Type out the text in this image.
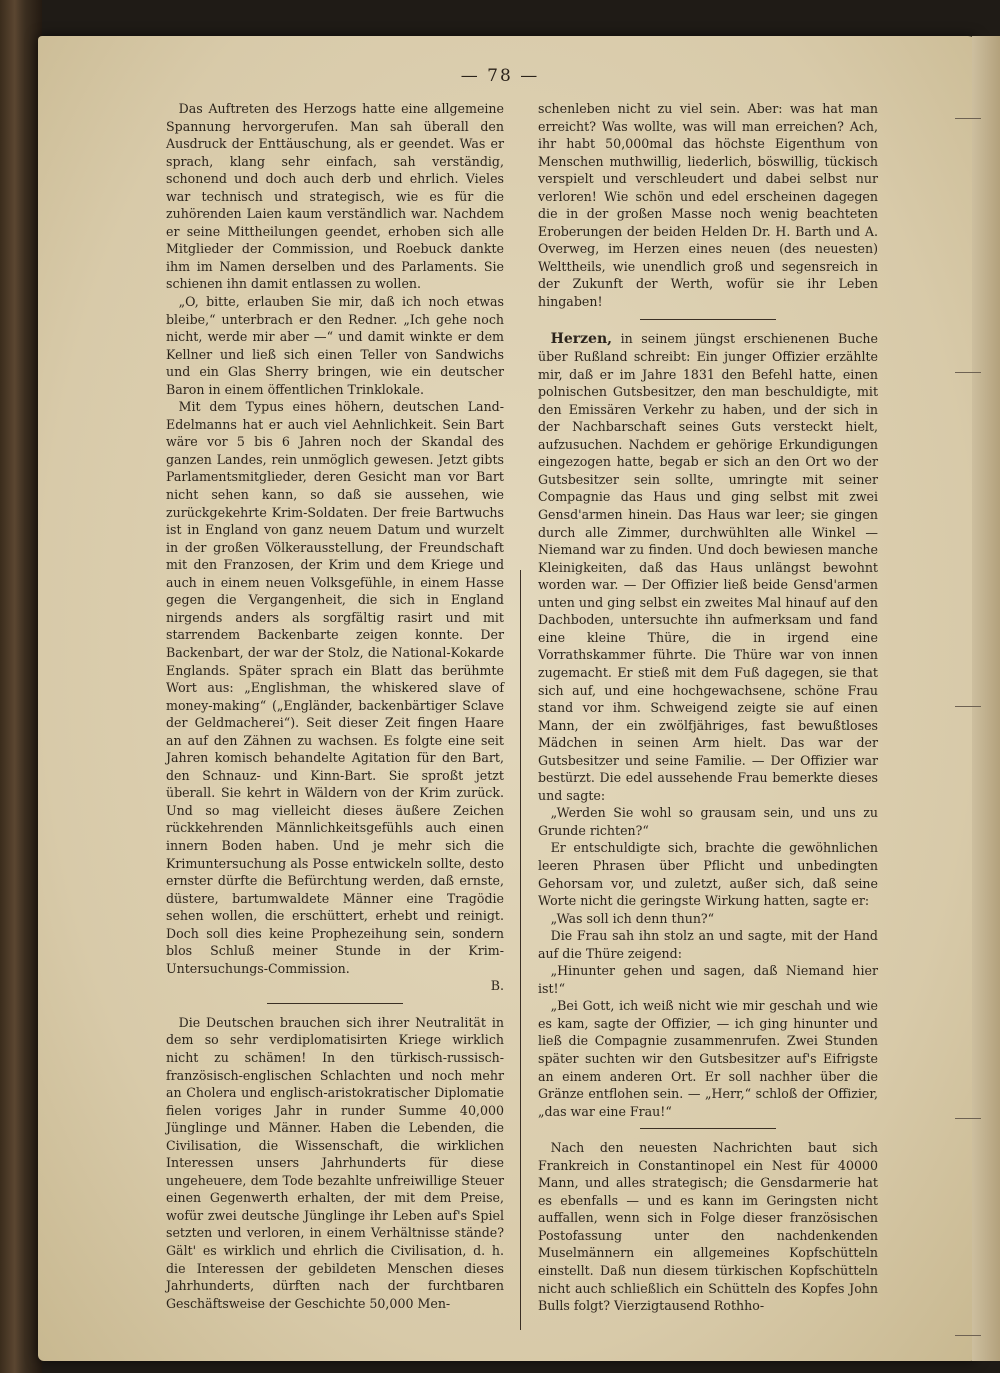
— 78 —

Das Auftreten des Herzogs hatte eine allgemeine Spannung hervorgerufen. Man sah überall den Ausdruck der Enttäuschung, als er geendet. Was er sprach, klang sehr einfach, sah verständig, schonend und doch auch derb und ehrlich. Vieles war technisch und strategisch, wie es für die zuhörenden Laien kaum verständlich war. Nachdem er seine Mittheilungen geendet, erhoben sich alle Mitglieder der Commission, und Roebuck dankte ihm im Namen derselben und des Parlaments. Sie schienen ihn damit entlassen zu wollen.

„O, bitte, erlauben Sie mir, daß ich noch etwas bleibe,“ unterbrach er den Redner. „Ich gehe noch nicht, werde mir aber —“ und damit winkte er dem Kellner und ließ sich einen Teller von Sandwichs und ein Glas Sherry bringen, wie ein deutscher Baron in einem öffentlichen Trinklokale.

Mit dem Typus eines höhern, deutschen Land-Edelmanns hat er auch viel Aehnlichkeit. Sein Bart wäre vor 5 bis 6 Jahren noch der Skandal des ganzen Landes, rein unmöglich gewesen. Jetzt gibts Parlamentsmitglieder, deren Gesicht man vor Bart nicht sehen kann, so daß sie aussehen, wie zurückgekehrte Krim-Soldaten. Der freie Bartwuchs ist in England von ganz neuem Datum und wurzelt in der großen Völkerausstellung, der Freundschaft mit den Franzosen, der Krim und dem Kriege und auch in einem neuen Volksgefühle, in einem Hasse gegen die Vergangenheit, die sich in England nirgends anders als sorgfältig rasirt und mit starrendem Backenbarte zeigen konnte. Der Backenbart, der war der Stolz, die National-Kokarde Englands. Später sprach ein Blatt das berühmte Wort aus: „Englishman, the whiskered slave of money-making“ („Engländer, backenbärtiger Sclave der Geldmacherei“). Seit dieser Zeit fingen Haare an auf den Zähnen zu wachsen. Es folgte eine seit Jahren komisch behandelte Agitation für den Bart, den Schnauz- und Kinn-Bart. Sie sproßt jetzt überall. Sie kehrt in Wäldern von der Krim zurück. Und so mag vielleicht dieses äußere Zeichen rückkehrenden Männlichkeitsgefühls auch einen innern Boden haben. Und je mehr sich die Krimuntersuchung als Posse entwickeln sollte, desto ernster dürfte die Befürchtung werden, daß ernste, düstere, bartumwaldete Männer eine Tragödie sehen wollen, die erschüttert, erhebt und reinigt. Doch soll dies keine Prophezeihung sein, sondern blos Schluß meiner Stunde in der Krim-Untersuchungs-Commission.

B.

Die Deutschen brauchen sich ihrer Neutralität in dem so sehr verdiplomatisirten Kriege wirklich nicht zu schämen! In den türkisch-russisch-französisch-englischen Schlachten und noch mehr an Cholera und englisch-aristokratischer Diplomatie fielen voriges Jahr in runder Summe 40,000 Jünglinge und Männer. Haben die Lebenden, die Civilisation, die Wissenschaft, die wirklichen Interessen unsers Jahrhunderts für diese ungeheuere, dem Tode bezahlte unfreiwillige Steuer einen Gegenwerth erhalten, der mit dem Preise, wofür zwei deutsche Jünglinge ihr Leben auf's Spiel setzten und verloren, in einem Verhältnisse stände? Gält' es wirklich und ehrlich die Civilisation, d. h. die Interessen der gebildeten Menschen dieses Jahrhunderts, dürften nach der furchtbaren Geschäftsweise der Geschichte 50,000 Men-

schenleben nicht zu viel sein. Aber: was hat man erreicht? Was wollte, was will man erreichen? Ach, ihr habt 50,000mal das höchste Eigenthum von Menschen muthwillig, liederlich, böswillig, tückisch verspielt und verschleudert und dabei selbst nur verloren! Wie schön und edel erscheinen dagegen die in der großen Masse noch wenig beachteten Eroberungen der beiden Helden Dr. H. Barth und A. Overweg, im Herzen eines neuen (des neuesten) Welttheils, wie unendlich groß und segensreich in der Zukunft der Werth, wofür sie ihr Leben hingaben!

Herzen, in seinem jüngst erschienenen Buche über Rußland schreibt: Ein junger Offizier erzählte mir, daß er im Jahre 1831 den Befehl hatte, einen polnischen Gutsbesitzer, den man beschuldigte, mit den Emissären Verkehr zu haben, und der sich in der Nachbarschaft seines Guts versteckt hielt, aufzusuchen. Nachdem er gehörige Erkundigungen eingezogen hatte, begab er sich an den Ort wo der Gutsbesitzer sein sollte, umringte mit seiner Compagnie das Haus und ging selbst mit zwei Gensd'armen hinein. Das Haus war leer; sie gingen durch alle Zimmer, durchwühlten alle Winkel — Niemand war zu finden. Und doch bewiesen manche Kleinigkeiten, daß das Haus unlängst bewohnt worden war. — Der Offizier ließ beide Gensd'armen unten und ging selbst ein zweites Mal hinauf auf den Dachboden, untersuchte ihn aufmerksam und fand eine kleine Thüre, die in irgend eine Vorrathskammer führte. Die Thüre war von innen zugemacht. Er stieß mit dem Fuß dagegen, sie that sich auf, und eine hochgewachsene, schöne Frau stand vor ihm. Schweigend zeigte sie auf einen Mann, der ein zwölfjähriges, fast bewußtloses Mädchen in seinen Arm hielt. Das war der Gutsbesitzer und seine Familie. — Der Offizier war bestürzt. Die edel aussehende Frau bemerkte dieses und sagte:

„Werden Sie wohl so grausam sein, und uns zu Grunde richten?“

Er entschuldigte sich, brachte die gewöhnlichen leeren Phrasen über Pflicht und unbedingten Gehorsam vor, und zuletzt, außer sich, daß seine Worte nicht die geringste Wirkung hatten, sagte er:

„Was soll ich denn thun?“

Die Frau sah ihn stolz an und sagte, mit der Hand auf die Thüre zeigend:

„Hinunter gehen und sagen, daß Niemand hier ist!“

„Bei Gott, ich weiß nicht wie mir geschah und wie es kam, sagte der Offizier, — ich ging hinunter und ließ die Compagnie zusammenrufen. Zwei Stunden später suchten wir den Gutsbesitzer auf's Eifrigste an einem anderen Ort. Er soll nachher über die Gränze entflohen sein. — „Herr,“ schloß der Offizier, „das war eine Frau!“

Nach den neuesten Nachrichten baut sich Frankreich in Constantinopel ein Nest für 40000 Mann, und alles strategisch; die Gensdarmerie hat es ebenfalls — und es kann im Geringsten nicht auffallen, wenn sich in Folge dieser französischen Postofassung unter den nachdenkenden Muselmännern ein allgemeines Kopfschütteln einstellt. Daß nun diesem türkischen Kopfschütteln nicht auch schließlich ein Schütteln des Kopfes John Bulls folgt? Vierzigtausend Rothho-
